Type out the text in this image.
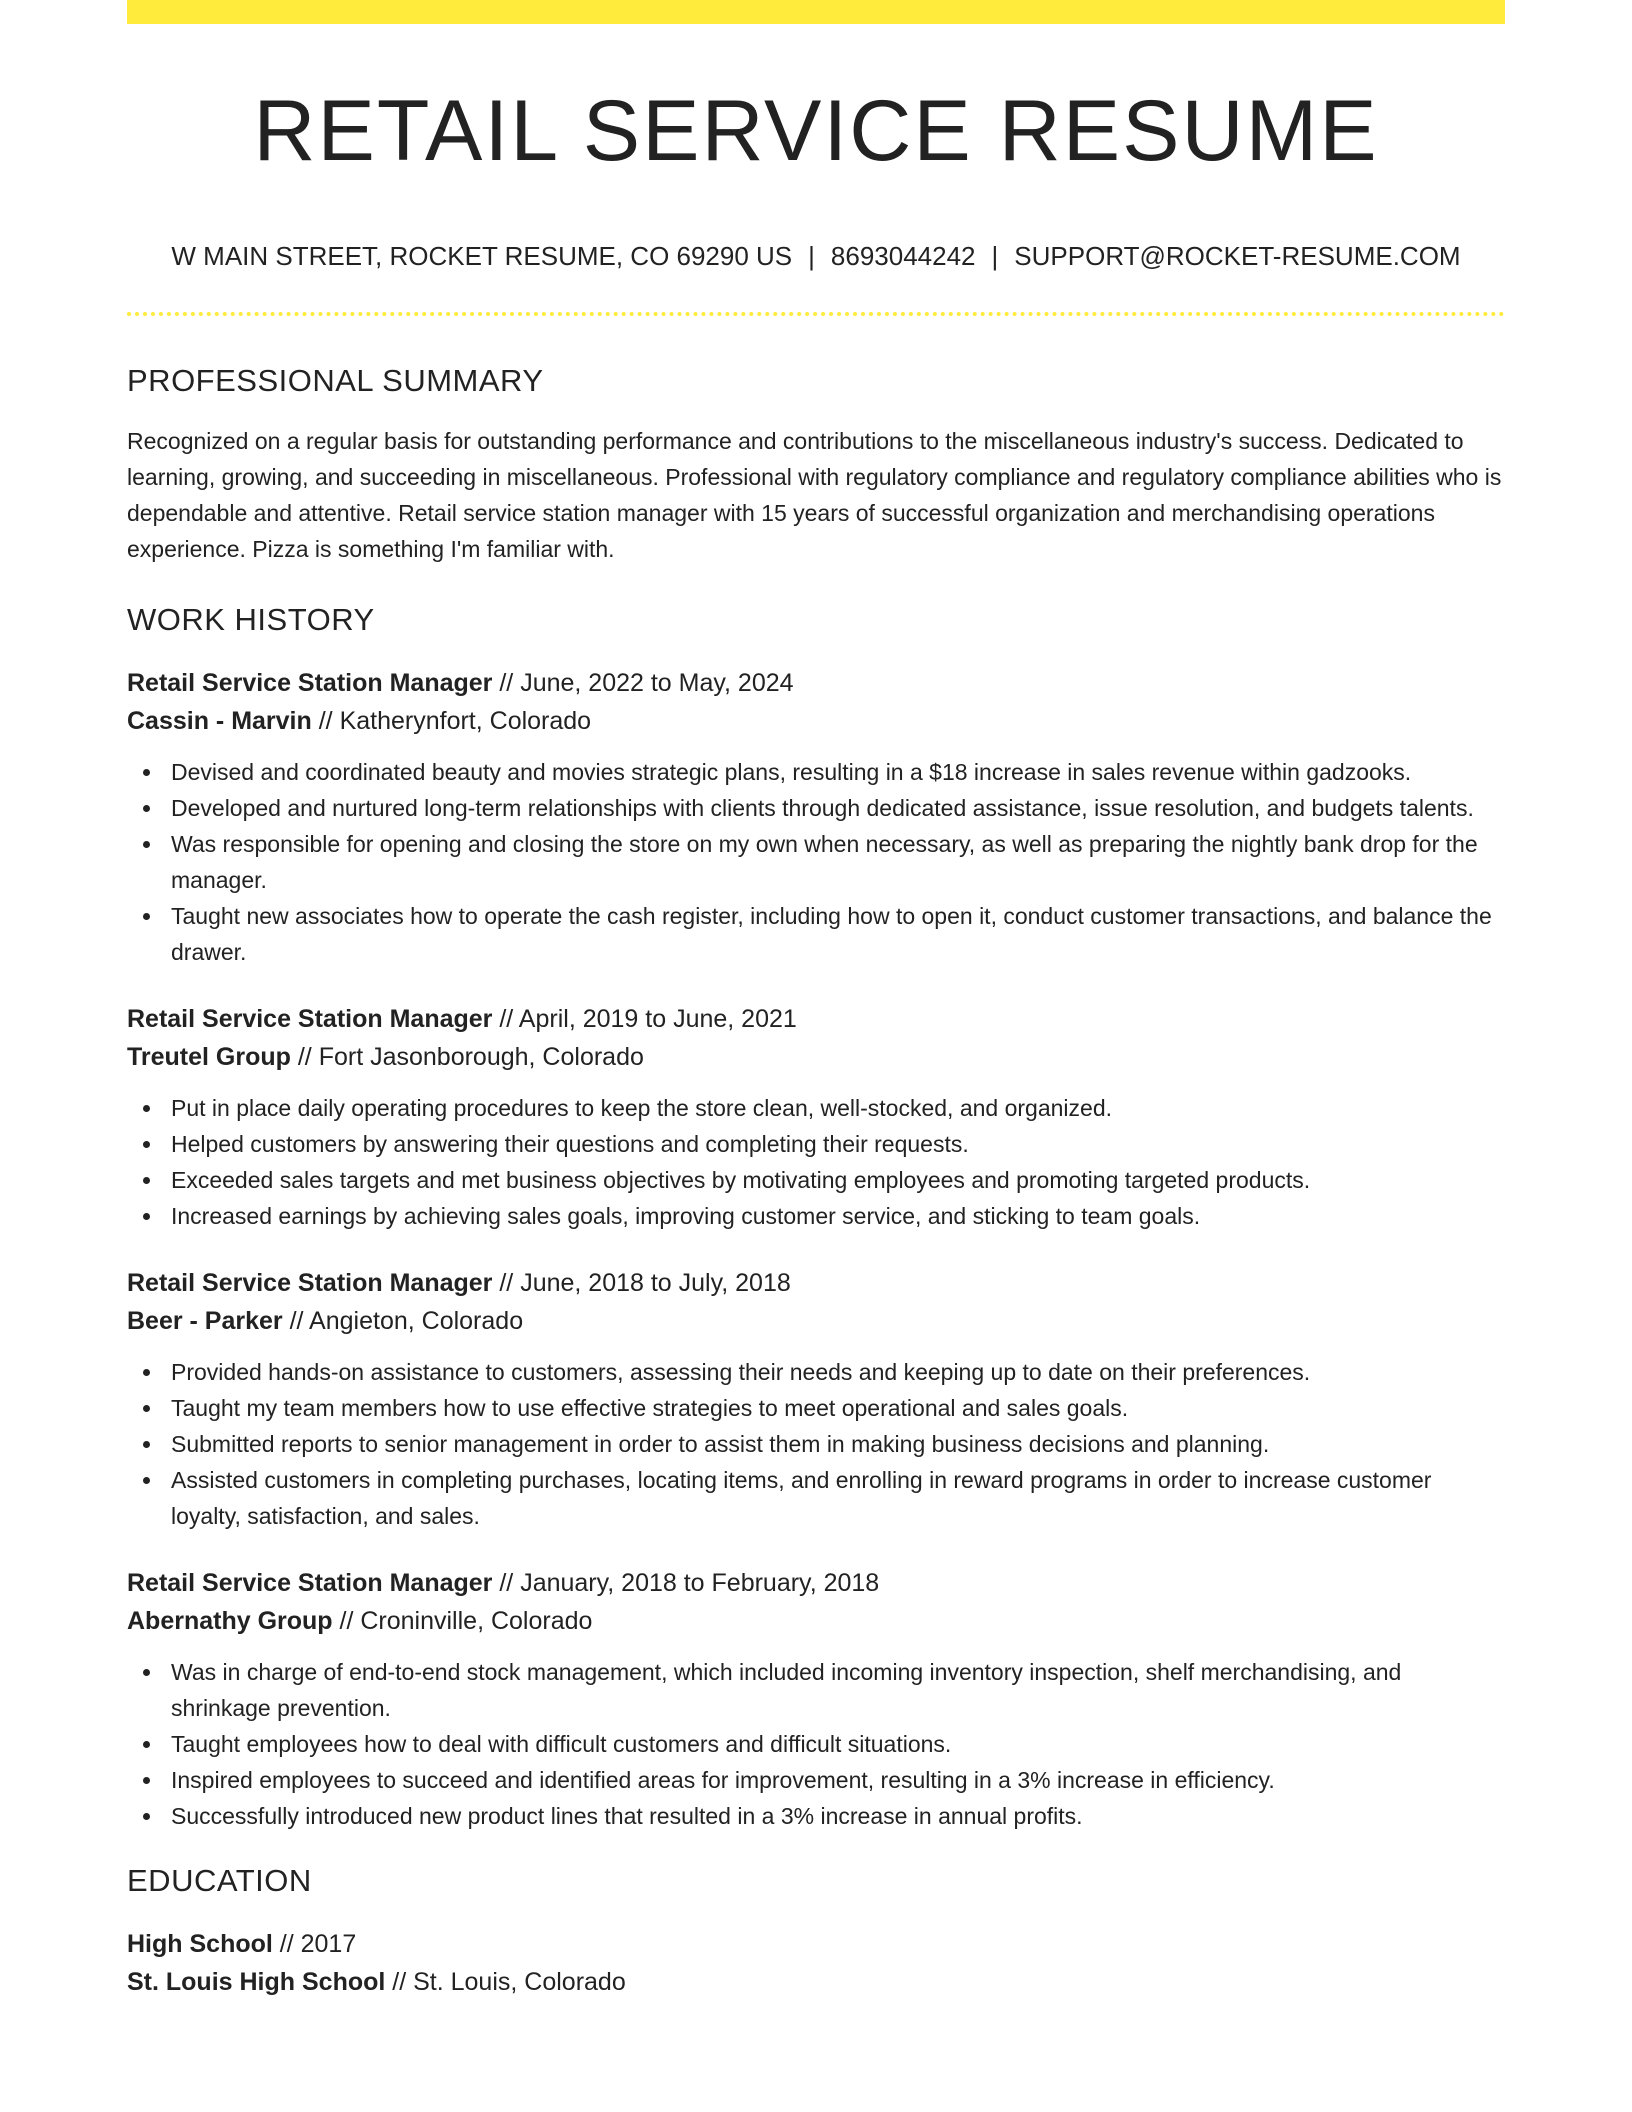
RETAIL SERVICE RESUME
W MAIN STREET, ROCKET RESUME, CO 69290 US | 8693044242 | SUPPORT@ROCKET-RESUME.COM
PROFESSIONAL SUMMARY

Recognized on a regular basis for outstanding performance and contributions to the miscellaneous industry's success. Dedicated to learning, growing, and succeeding in miscellaneous. Professional with regulatory compliance and regulatory compliance abilities who is dependable and attentive. Retail service station manager with 15 years of successful organization and merchandising operations experience. Pizza is something I'm familiar with.

WORK HISTORY
Retail Service Station Manager // June, 2022 to May, 2024
Cassin - Marvin // Katherynfort, Colorado
Devised and coordinated beauty and movies strategic plans, resulting in a $18 increase in sales revenue within gadzooks.
Developed and nurtured long-term relationships with clients through dedicated assistance, issue resolution, and budgets talents.
Was responsible for opening and closing the store on my own when necessary, as well as preparing the nightly bank drop for the manager.
Taught new associates how to operate the cash register, including how to open it, conduct customer transactions, and balance the drawer.
Retail Service Station Manager // April, 2019 to June, 2021
Treutel Group // Fort Jasonborough, Colorado
Put in place daily operating procedures to keep the store clean, well-stocked, and organized.
Helped customers by answering their questions and completing their requests.
Exceeded sales targets and met business objectives by motivating employees and promoting targeted products.
Increased earnings by achieving sales goals, improving customer service, and sticking to team goals.
Retail Service Station Manager // June, 2018 to July, 2018
Beer - Parker // Angieton, Colorado
Provided hands-on assistance to customers, assessing their needs and keeping up to date on their preferences.
Taught my team members how to use effective strategies to meet operational and sales goals.
Submitted reports to senior management in order to assist them in making business decisions and planning.
Assisted customers in completing purchases, locating items, and enrolling in reward programs in order to increase customer loyalty, satisfaction, and sales.
Retail Service Station Manager // January, 2018 to February, 2018
Abernathy Group // Croninville, Colorado
Was in charge of end-to-end stock management, which included incoming inventory inspection, shelf merchandising, and shrinkage prevention.
Taught employees how to deal with difficult customers and difficult situations.
Inspired employees to succeed and identified areas for improvement, resulting in a 3% increase in efficiency.
Successfully introduced new product lines that resulted in a 3% increase in annual profits.
EDUCATION
High School // 2017
St. Louis High School // St. Louis, Colorado
